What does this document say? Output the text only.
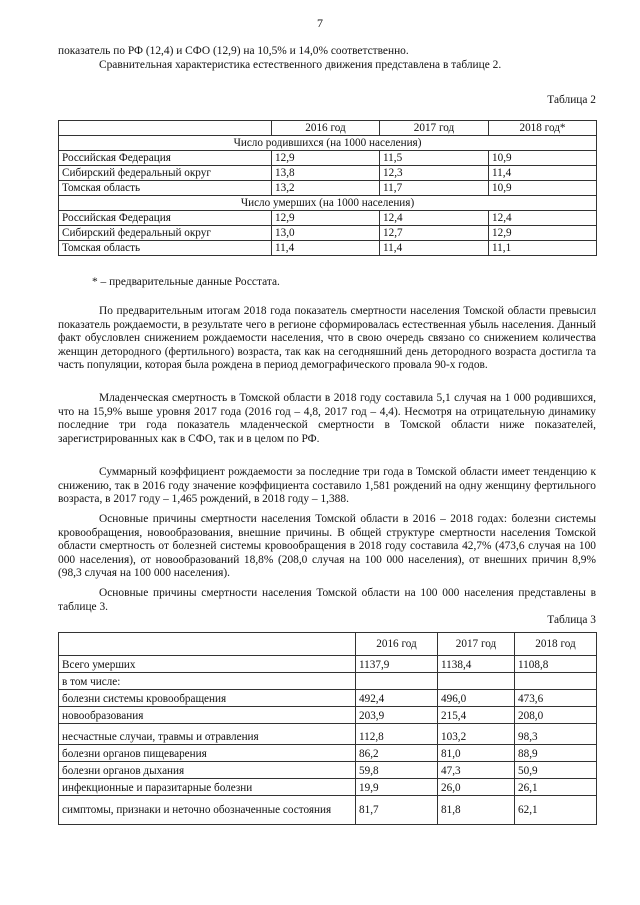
7

показатель по РФ (12,4) и СФО (12,9) на 10,5% и 14,0% соответственно.

Сравнительная характеристика естественного движения представлена в таблице 2.

Таблица 2
	2016 год	2017 год	2018 год*
Число родившихся (на 1000 населения)			
Российская Федерация	12,9	11,5	10,9
Сибирский федеральный округ	13,8	12,3	11,4
Томская область	13,2	11,7	10,9
Число умерших (на 1000 населения)			
Российская Федерация	12,9	12,4	12,4
Сибирский федеральный округ	13,0	12,7	12,9
Томская область	11,4	11,4	11,1
* – предварительные данные Росстата.

По предварительным итогам 2018 года показатель смертности населения Томской области превысил показатель рождаемости, в результате чего в регионе сформировалась естественная убыль населения. Данный факт обусловлен снижением рождаемости населения, что в свою очередь связано со снижением количества женщин детородного (фертильного) возраста, так как на сегодняшний день детородного возраста достигла та часть популяции, которая была рождена в период демографического провала 90-х годов.

Младенческая смертность в Томской области в 2018 году составила 5,1 случая на 1 000 родившихся, что на 15,9% выше уровня 2017 года (2016 год – 4,8, 2017 год – 4,4). Несмотря на отрицательную динамику последние три года показатель младенческой смертности в Томской области ниже показателей, зарегистрированных как в СФО, так и в целом по РФ.

Суммарный коэффициент рождаемости за последние три года в Томской области имеет тенденцию к снижению, так в 2016 году значение коэффициента составило 1,581 рождений на одну женщину фертильного возраста, в 2017 году – 1,465 рождений, в 2018 году – 1,388.

Основные причины смертности населения Томской области в 2016 – 2018 годах: болезни системы кровообращения, новообразования, внешние причины. В общей структуре смертности населения Томской области смертность от болезней системы кровообращения в 2018 году составила 42,7% (473,6 случая на 100 000 населения), от новообразований 18,8% (208,0 случая на 100 000 населения), от внешних причин 8,9% (98,3 случая на 100 000 населения).

Основные причины смертности населения Томской области на 100 000 населения представлены в таблице 3.

Таблица 3
	2016 год	2017 год	2018 год
Всего умерших	1137,9	1138,4	1108,8
в том числе:			
болезни системы кровообращения	492,4	496,0	473,6
новообразования	203,9	215,4	208,0
несчастные случаи, травмы и отравления	112,8	103,2	98,3
болезни органов пищеварения	86,2	81,0	88,9
болезни органов дыхания	59,8	47,3	50,9
инфекционные и паразитарные болезни	19,9	26,0	26,1
симптомы, признаки и неточно обозначенные состояния	81,7	81,8	62,1
